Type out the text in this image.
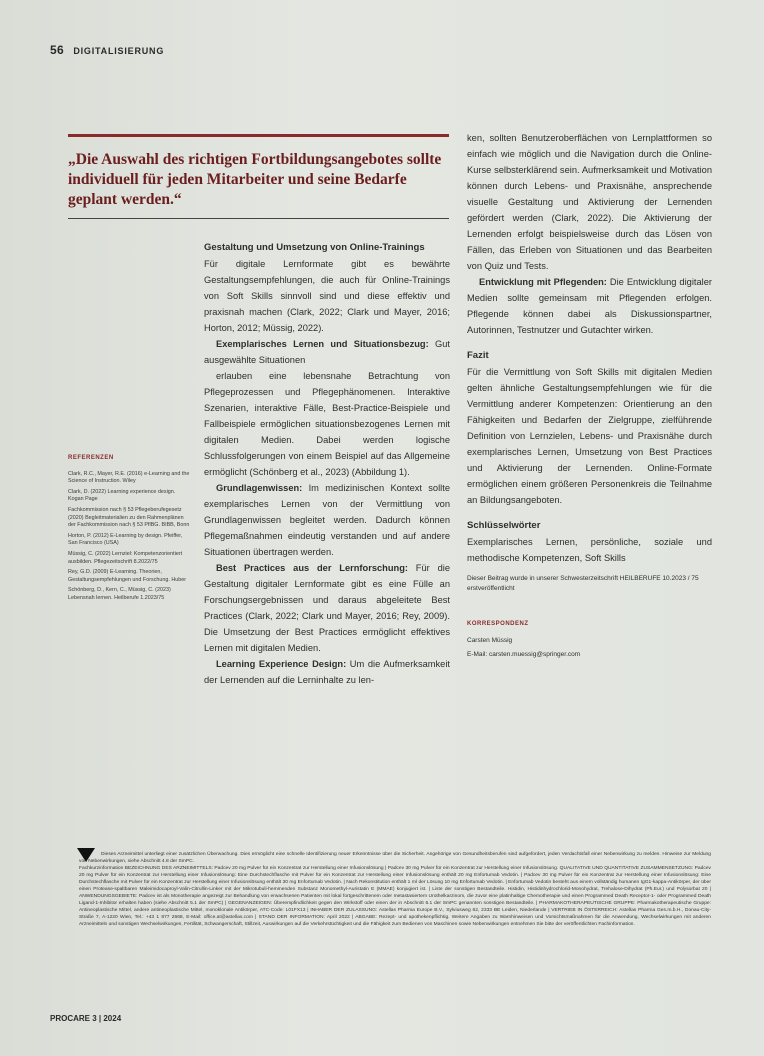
56 DIGITALISIERUNG
„Die Auswahl des richtigen Fortbildungsangebotes sollte individuell für jeden Mitarbeiter und seine Bedarfe geplant werden.“
REFERENZEN
Clark, R.C., Mayer, R.E. (2016) e-Learning and the Science of Instruction. Wiley
Clark, D. (2022) Learning experience design. Kogan Page
Fachkommission nach § 53 Pflegeberufegesetz (2020) Begleitmaterialien zu den Rahmenplänen der Fachkommission nach § 53 PflBG. BIBB, Bonn
Horton, P. (2012) E-Learning by design. Pfeiffer, San Francisco (USA)
Müssig, C. (2022) Lernziel: Kompetenzorientiert ausbilden. Pflegezeitschrift 8.2022/75
Rey, G.D. (2009) E-Learning. Theorien, Gestaltungsempfehlungen und Forschung. Huber
Schönberg, D., Kern, C., Müssig, C. (2023) Lebensnah lernen. Heilberufe 1.2023/75
Gestaltung und Umsetzung von Online-Trainings

Für digitale Lernformate gibt es bewährte Gestaltungsempfehlungen, die auch für Online-Trainings von Soft Skills sinnvoll sind und diese effektiv und praxisnah machen (Clark, 2022; Clark und Mayer, 2016; Horton, 2012; Müssig, 2022).

Exemplarisches Lernen und Situationsbezug: Gut ausgewählte Situationen

erlauben eine lebensnahe Betrachtung von Pflegeprozessen und Pflegephänomenen. Interaktive Szenarien, interaktive Fälle, Best-Practice-Beispiele und Fallbeispiele ermöglichen situationsbezogenes Lernen mit digitalen Medien. Dabei werden logische Schlussfolgerungen von einem Beispiel auf das Allgemeine ermöglicht (Schönberg et al., 2023) (Abbildung 1).

Grundlagenwissen: Im medizinischen Kontext sollte exemplarisches Lernen von der Vermittlung von Grundlagenwissen begleitet werden. Dadurch können Pflegemaßnahmen eindeutig verstanden und auf andere Situationen übertragen werden.

Best Practices aus der Lernforschung: Für die Gestaltung digitaler Lernformate gibt es eine Fülle an Forschungsergebnissen und daraus abgeleitete Best Practices (Clark, 2022; Clark und Mayer, 2016; Rey, 2009). Die Umsetzung der Best Practices ermöglicht effektives Lernen mit digitalen Medien.

Learning Experience Design: Um die Aufmerksamkeit der Lernenden auf die Lerninhalte zu len-

ken, sollten Benutzeroberflächen von Lernplattformen so einfach wie möglich und die Navigation durch die Online-Kurse selbsterklärend sein. Aufmerksamkeit und Motivation können durch Lebens- und Praxisnähe, ansprechende visuelle Gestaltung und Aktivierung der Lernenden gefördert werden (Clark, 2022). Die Aktivierung der Lernenden erfolgt beispielsweise durch das Lösen von Fällen, das Erleben von Situationen und das Bearbeiten von Quiz und Tests.

Entwicklung mit Pflegenden: Die Entwicklung digitaler Medien sollte gemeinsam mit Pflegenden erfolgen. Pflegende können dabei als Diskussionspartner, Autorinnen, Testnutzer und Gutachter wirken.

Fazit

Für die Vermittlung von Soft Skills mit digitalen Medien gelten ähnliche Gestaltungsempfehlungen wie für die Vermittlung anderer Kompetenzen: Orientierung an den Fähigkeiten und Bedarfen der Zielgruppe, zielführende Definition von Lernzielen, Lebens- und Praxisnähe durch exemplarisches Lernen, Umsetzung von Best Practices und Aktivierung der Lernenden. Online-Formate ermöglichen einem größeren Personenkreis die Teilnahme an Bildungsangeboten.

Schlüsselwörter

Exemplarisches Lernen, persönliche, soziale und methodische Kompetenzen, Soft Skills

Dieser Beitrag wurde in unserer Schwesterzeitschrift HEILBERUFE 10.2023 / 75 erstveröffentlicht
KORRESPONDENZ
Carsten Müssig
E-Mail: carsten.muessig@springer.com
Dieses Arzneimittel unterliegt einer zusätzlichen Überwachung. Dies ermöglicht eine schnelle Identifizierung neuer Erkenntnisse über die Sicherheit. Angehörige von Gesundheitsberufen sind aufgefordert, jeden Verdachtsfall einer Nebenwirkung zu melden. Hinweise zur Meldung von Nebenwirkungen, siehe Abschnitt 4.8 der SmPC.
Fachkurzinformation BEZEICHNUNG DES ARZNEIMITTELS: Padcev 20 mg Pulver für ein Konzentrat zur Herstellung einer Infusionslösung | Padcev 30 mg Pulver für ein Konzentrat zur Herstellung einer Infusionslösung. QUALITATIVE UND QUANTITATIVE ZUSAMMENSETZUNG: Padcev 20 mg Pulver für ein Konzentrat zur Herstellung einer Infusionslösung: Eine Durchstechflasche mit Pulver für ein Konzentrat zur Herstellung einer Infusionslösung enthält 20 mg Enfortumab Vedotin. | Padcev 30 mg Pulver für ein Konzentrat zur Herstellung einer Infusionslösung: Eine Durchstechflasche mit Pulver für ein Konzentrat zur Herstellung einer Infusionslösung enthält 30 mg Enfortumab Vedotin. | Nach Rekonstitution enthält 1 ml der Lösung 10 mg Enfortumab Vedotin. | Enfortumab Vedotin besteht aus einem vollständig humanen IgG1-kappa-Antikörper, der über einen Protease-spaltbaren Maleimidocaproyl-Valin-Citrullin-Linker mit der Mikrotubuli-hemmenden Substanz Monomethyl-Auristatin E (MMAE) konjugiert ist. | Liste der sonstigen Bestandteile. Histidin, Histidinhydrochlorid-Monohydrat, Trehalose-Dihydrat (Ph.Eur.) und Polysorbat 20 | ANWENDUNGSGEBIETE: Padcev ist als Monotherapie angezeigt zur Behandlung von erwachsenen Patienten mit lokal fortgeschrittenem oder metastasiertem Urothelkarzinom, die zuvor eine platinhaltige Chemotherapie und einen Programmed Death Receptor-1- oder Programmed Death Ligand-1-Inhibitor erhalten haben (siehe Abschnitt 5.1 der SmPC) | GEGENANZEIGEN: Überempfindlichkeit gegen den Wirkstoff oder einen der in Abschnitt 6.1 der SmPC genannten sonstigen Bestandteile. | PHARMAKOTHERAPEUTISCHE GRUPPE: Pharmakotherapeutische Gruppe: Antineoplastische Mittel, andere antineoplastische Mittel, monoklonale Antikörper, ATC-Code: L01FX13 | INHABER DER ZULASSUNG: Astellas Pharma Europe B.V., Sylviusweg 62, 2333 BE Leiden, Niederlande | VERTRIEB IN ÖSTERREICH: Astellas Pharma Ges.m.b.H., Donau-City-Straße 7, A-1220 Wien, Tel.: +43 1 877 2668, E-Mail: office.at@astellas.com | STAND DER INFORMATION: April 2022 | ABGABE: Rezept- und apothekenpflichtig. Weitere Angaben zu Warnhinweisen und Vorsichtsmaßnahmen für die Anwendung, Wechselwirkungen mit anderen Arzneimitteln und sonstigen Wechselwirkungen, Fertilität, Schwangerschaft, Stillzeit, Auswirkungen auf die Verkehrstüchtigkeit und die Fähigkeit zum Bedienen von Maschinen sowie Nebenwirkungen entnehmen Sie bitte der veröffentlichten Fachinformation.
PROCARE 3 | 2024
